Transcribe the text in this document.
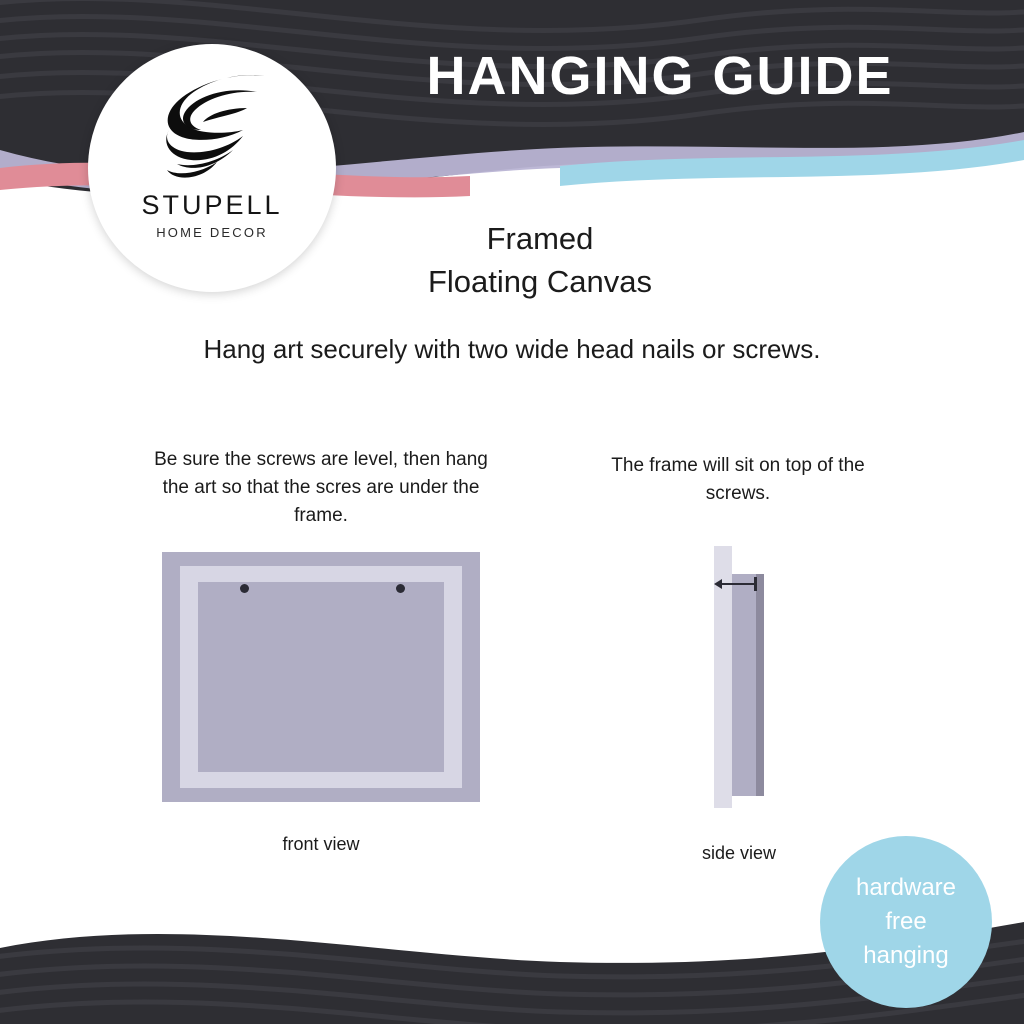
HANGING GUIDE
STUPELL
HOME DECOR	Framed
Floating Canvas
Hang art securely with two wide head nails or screws.
Be sure the screws are level, then hang the art so that the scres are under the frame.
front view
The frame will sit on top of the screws.
side view
hardware
free
hanging
